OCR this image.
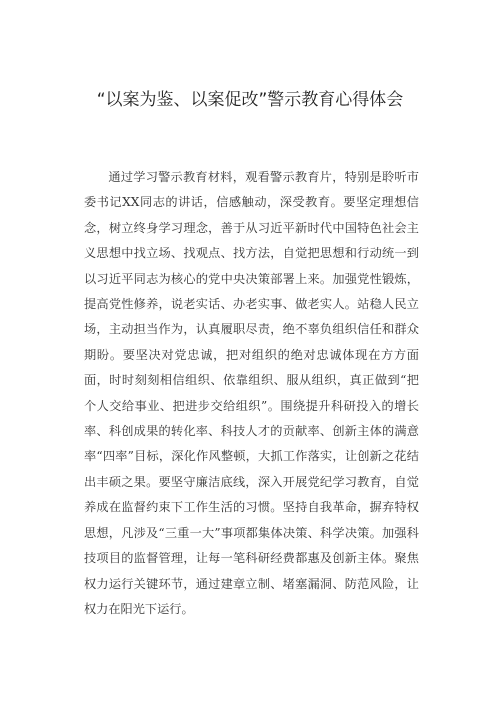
“以案为鉴、以案促改”警示教育心得体会

通过学习警示教育材料，观看警示教育片，特别是聆听市委书记XX同志的讲话，信感触动，深受教育。要坚定理想信念，树立终身学习理念，善于从习近平新时代中国特色社会主义思想中找立场、找观点、找方法，自觉把思想和行动统一到以习近平同志为核心的党中央决策部署上来。加强党性锻炼，提高党性修养，说老实话、办老实事、做老实人。站稳人民立场，主动担当作为，认真履职尽责，绝不辜负组织信任和群众期盼。要坚决对党忠诚，把对组织的绝对忠诚体现在方方面面，时时刻刻相信组织、依靠组织、服从组织，真正做到“把个人交给事业、把进步交给组织”。围绕提升科研投入的增长率、科创成果的转化率、科技人才的贡献率、创新主体的满意率“四率”目标，深化作风整顿，大抓工作落实，让创新之花结出丰硕之果。要坚守廉洁底线，深入开展党纪学习教育，自觉养成在监督约束下工作生活的习惯。坚持自我革命，摒弃特权思想，凡涉及“三重一大”事项都集体决策、科学决策。加强科技项目的监督管理，让每一笔科研经费都惠及创新主体。聚焦权力运行关键环节，通过建章立制、堵塞漏洞、防范风险，让权力在阳光下运行。
